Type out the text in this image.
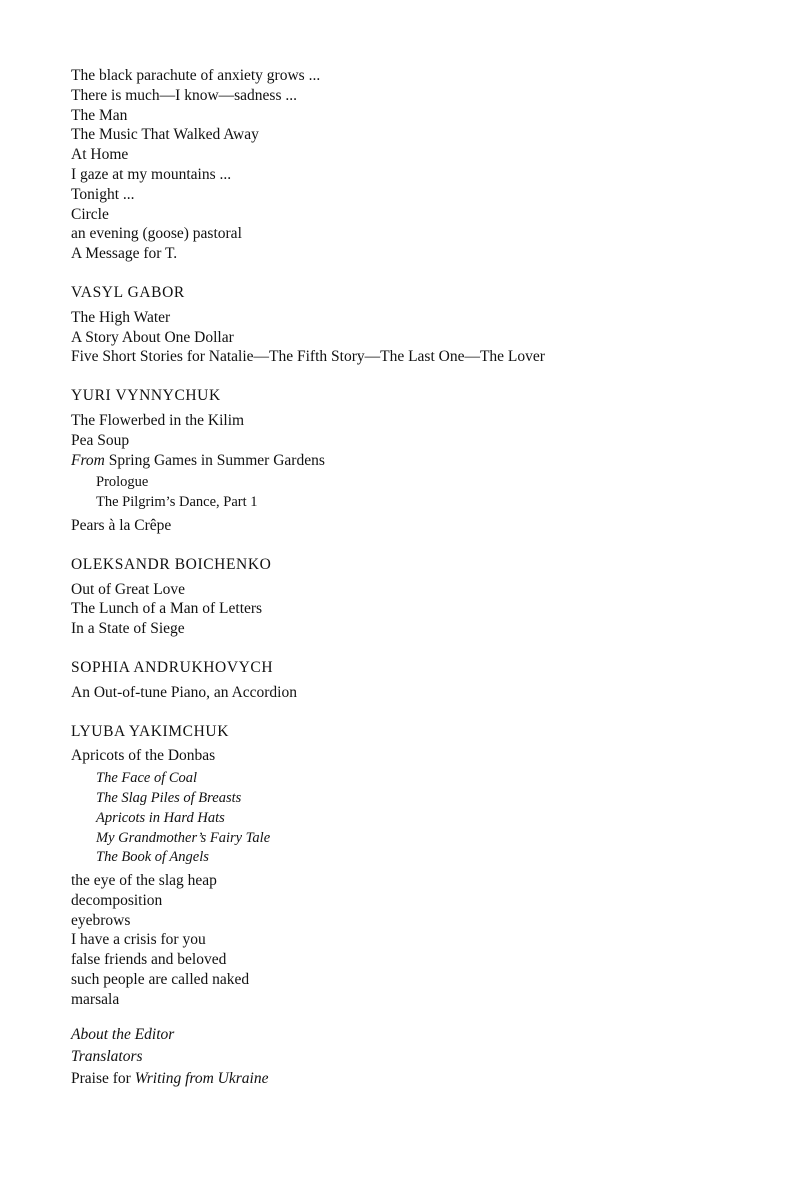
The black parachute of anxiety grows ...
There is much—I know—sadness ...
The Man
The Music That Walked Away
At Home
I gaze at my mountains ...
Tonight ...
Circle
an evening (goose) pastoral
A Message for T.
VASYL GABOR
The High Water
A Story About One Dollar
Five Short Stories for Natalie—The Fifth Story—The Last One—The Lover
YURI VYNNYCHUK
The Flowerbed in the Kilim
Pea Soup
From Spring Games in Summer Gardens
Prologue
The Pilgrim’s Dance, Part 1
Pears à la Crêpe
OLEKSANDR BOICHENKO
Out of Great Love
The Lunch of a Man of Letters
In a State of Siege
SOPHIA ANDRUKHOVYCH
An Out-of-tune Piano, an Accordion
LYUBA YAKIMCHUK
Apricots of the Donbas
The Face of Coal
The Slag Piles of Breasts
Apricots in Hard Hats
My Grandmother’s Fairy Tale
The Book of Angels
the eye of the slag heap
decomposition
eyebrows
I have a crisis for you
false friends and beloved
such people are called naked
marsala
About the Editor
Translators
Praise for Writing from Ukraine
